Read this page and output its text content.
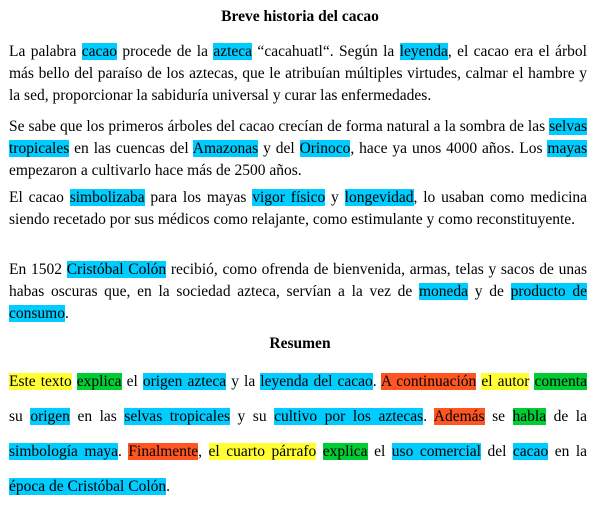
Breve historia del cacao
La palabra cacao procede de la azteca “cacahuatl“. Según la leyenda, el cacao era el árbol más bello del paraíso de los aztecas, que le atribuían múltiples virtudes, calmar el hambre y la sed, proporcionar la sabiduría universal y curar las enfermedades.
Se sabe que los primeros árboles del cacao crecían de forma natural a la sombra de las selvas tropicales en las cuencas del Amazonas y del Orinoco, hace ya unos 4000 años. Los mayas empezaron a cultivarlo hace más de 2500 años.
El cacao simbolizaba para los mayas vigor físico y longevidad, lo usaban como medicina siendo recetado por sus médicos como relajante, como estimulante y como reconstituyente.
En 1502 Cristóbal Colón recibió, como ofrenda de bienvenida, armas, telas y sacos de unas habas oscuras que, en la sociedad azteca, servían a la vez de moneda y de producto de consumo.
Resumen
Este texto explica el origen azteca y la leyenda del cacao. A continuación el autor comenta su origen en las selvas tropicales y su cultivo por los aztecas. Además se habla de la simbología maya. Finalmente, el cuarto párrafo explica el uso comercial del cacao en la época de Cristóbal Colón.
